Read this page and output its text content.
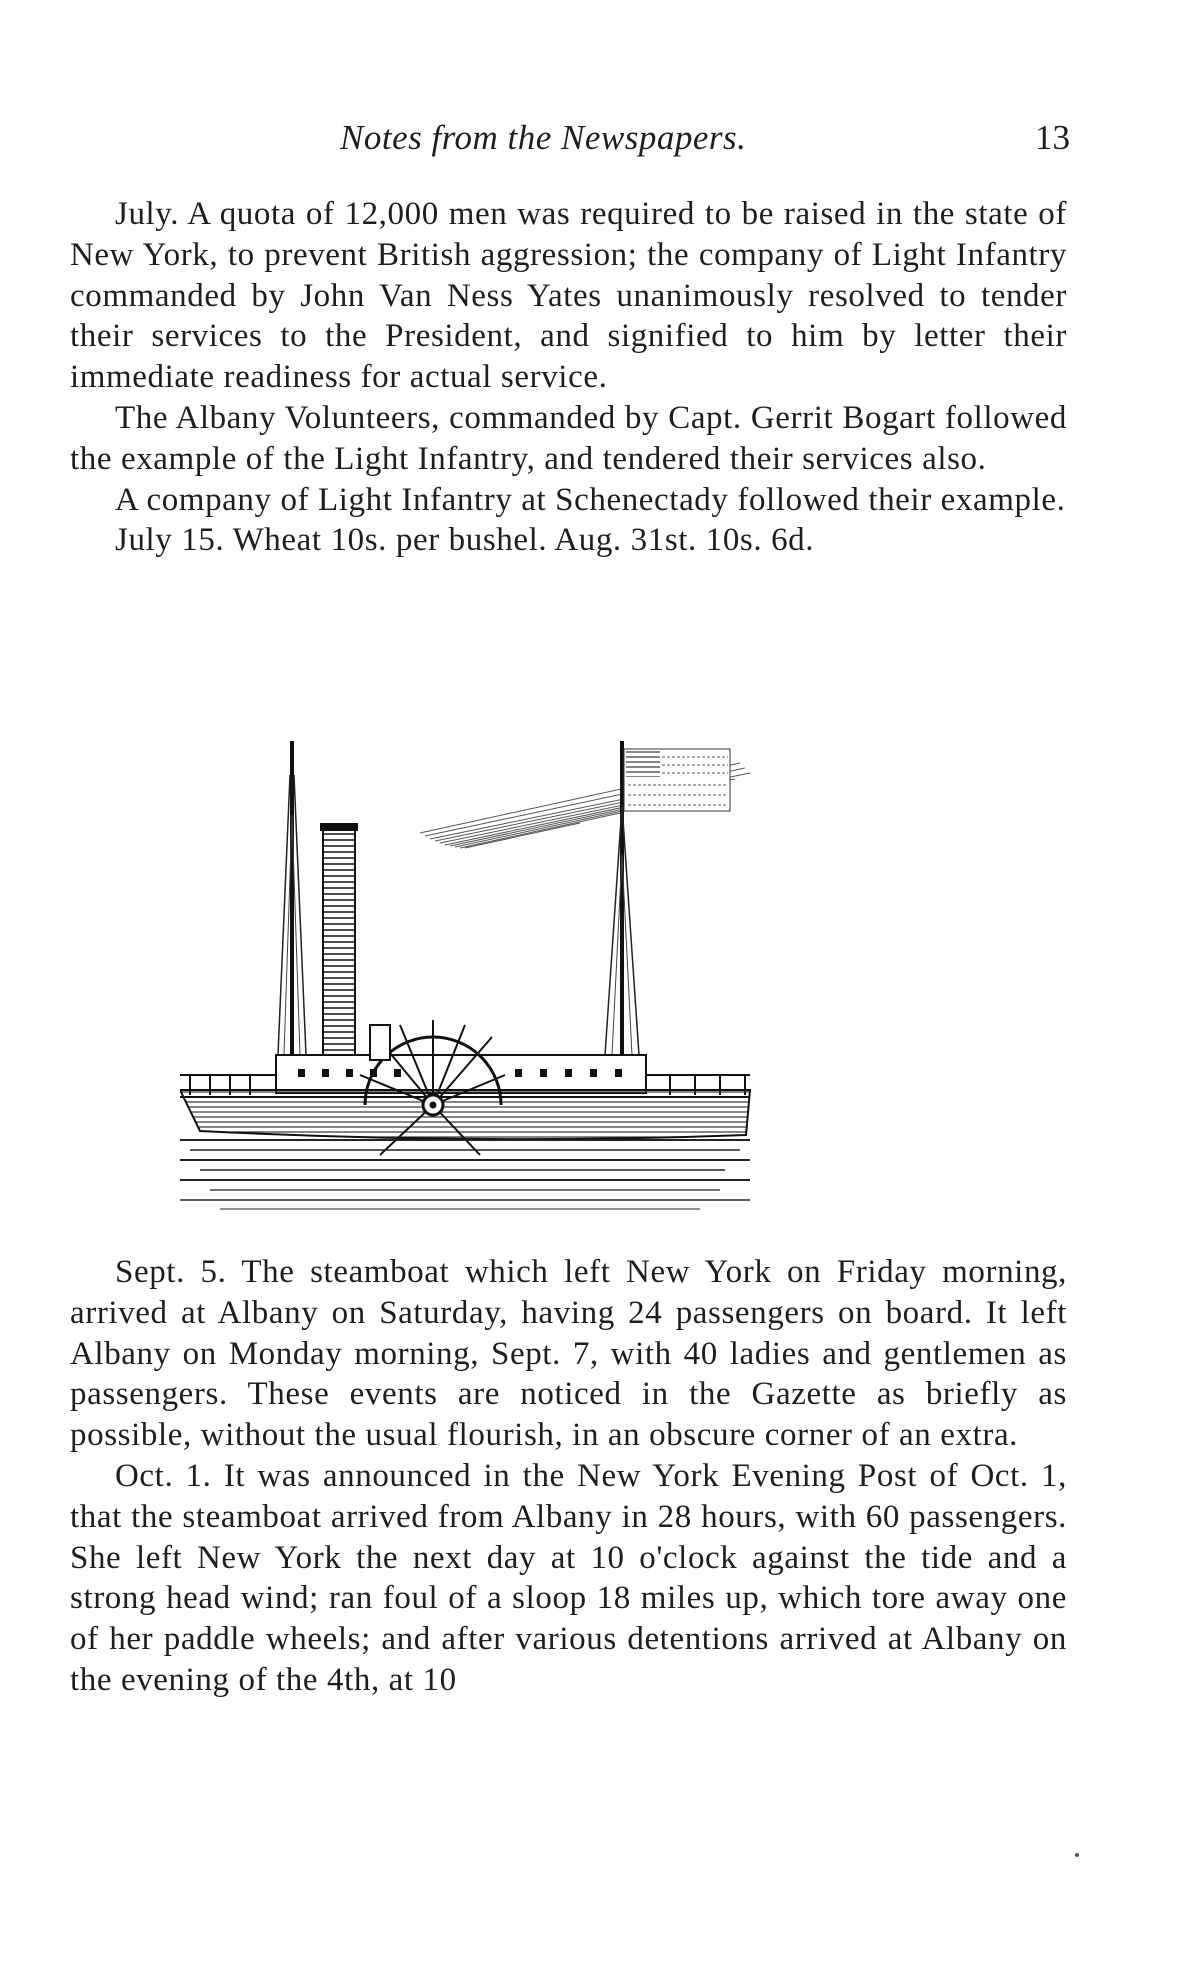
Notes from the Newspapers.	13

July. A quota of 12,000 men was required to be raised in the state of New York, to prevent British aggression; the company of Light Infantry commanded by John Van Ness Yates unanimously resolved to tender their services to the President, and signified to him by letter their immediate readiness for actual service.

The Albany Volunteers, commanded by Capt. Gerrit Bogart followed the example of the Light Infantry, and tendered their services also.

A company of Light Infantry at Schenectady followed their example.

July 15. Wheat 10s. per bushel. Aug. 31st. 10s. 6d.

Sept. 5. The steamboat which left New York on Friday morning, arrived at Albany on Saturday, having 24 passengers on board. It left Albany on Monday morning, Sept. 7, with 40 ladies and gentlemen as passengers. These events are noticed in the Gazette as briefly as possible, without the usual flourish, in an obscure corner of an extra.

Oct. 1. It was announced in the New York Evening Post of Oct. 1, that the steamboat arrived from Albany in 28 hours, with 60 passengers. She left New York the next day at 10 o'clock against the tide and a strong head wind; ran foul of a sloop 18 miles up, which tore away one of her paddle wheels; and after various detentions arrived at Albany on the evening of the 4th, at 10
